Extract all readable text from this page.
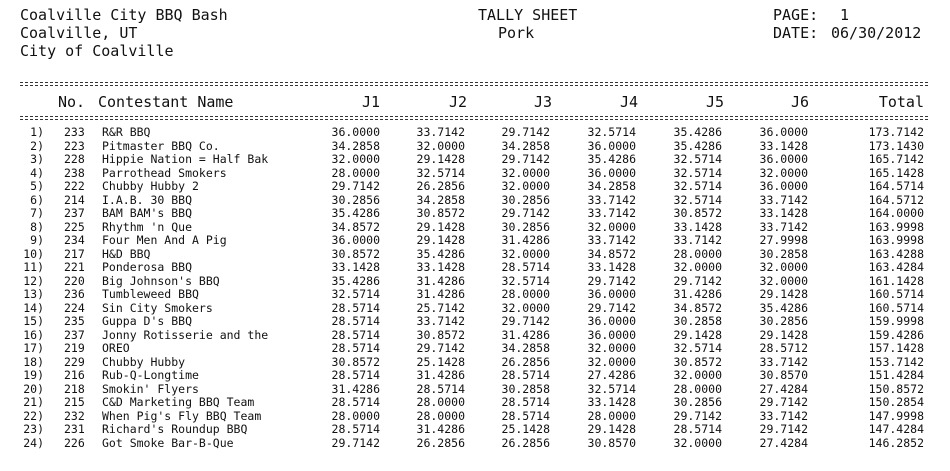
Coalville City BBQ Bash
Coalville, UT
City of Coalville
TALLY SHEET
Pork
PAGE: 1
DATE: 06/30/2012
No. Contestant Name	J1	J2	J3	J4	J5	J6	Total
1) 233	R&R BBQ	36.0000	33.7142	29.7142	32.5714	35.4286	36.0000	173.7142
2) 223	Pitmaster BBQ Co.	34.2858	32.0000	34.2858	36.0000	35.4286	33.1428	173.1430
3) 228	Hippie Nation = Half Bak	32.0000	29.1428	29.7142	35.4286	32.5714	36.0000	165.7142
4) 238	Parrothead Smokers	28.0000	32.5714	32.0000	36.0000	32.5714	32.0000	165.1428
5) 222	Chubby Hubby 2	29.7142	26.2856	32.0000	34.2858	32.5714	36.0000	164.5714
6) 214	I.A.B. 30 BBQ	30.2856	34.2858	30.2856	33.7142	32.5714	33.7142	164.5712
7) 237	BAM BAM's BBQ	35.4286	30.8572	29.7142	33.7142	30.8572	33.1428	164.0000
8) 225	Rhythm 'n Que	34.8572	29.1428	30.2856	32.0000	33.1428	33.7142	163.9998
9) 234	Four Men And A Pig	36.0000	29.1428	31.4286	33.7142	33.7142	27.9998	163.9998
10) 217	H&D BBQ	30.8572	35.4286	32.0000	34.8572	28.0000	30.2858	163.4288
11) 221	Ponderosa BBQ	33.1428	33.1428	28.5714	33.1428	32.0000	32.0000	163.4284
12) 220	Big Johnson's BBQ	35.4286	31.4286	32.5714	29.7142	29.7142	32.0000	161.1428
13) 236	Tumbleweed BBQ	32.5714	31.4286	28.0000	36.0000	31.4286	29.1428	160.5714
14) 224	Sin City Smokers	28.5714	25.7142	32.0000	29.7142	34.8572	35.4286	160.5714
15) 235	Guppa D's BBQ	28.5714	33.7142	29.7142	36.0000	30.2858	30.2856	159.9998
16) 237	Jonny Rotisserie and the	28.5714	30.8572	31.4286	36.0000	29.1428	29.1428	159.4286
17) 219	OREO	28.5714	29.7142	34.2858	32.0000	32.5714	28.5712	157.1428
18) 229	Chubby Hubby	30.8572	25.1428	26.2856	32.0000	30.8572	33.7142	153.7142
19) 216	Rub-Q-Longtime	28.5714	31.4286	28.5714	27.4286	32.0000	30.8570	151.4284
20) 218	Smokin' Flyers	31.4286	28.5714	30.2858	32.5714	28.0000	27.4284	150.8572
21) 215	C&D Marketing BBQ Team	28.5714	28.0000	28.5714	33.1428	30.2856	29.7142	150.2854
22) 232	When Pig's Fly BBQ Team	28.0000	28.0000	28.5714	28.0000	29.7142	33.7142	147.9998
23) 231	Richard's Roundup BBQ	28.5714	31.4286	25.1428	29.1428	28.5714	29.7142	147.4284
24) 226	Got Smoke Bar-B-Que	29.7142	26.2856	26.2856	30.8570	32.0000	27.4284	146.2852
